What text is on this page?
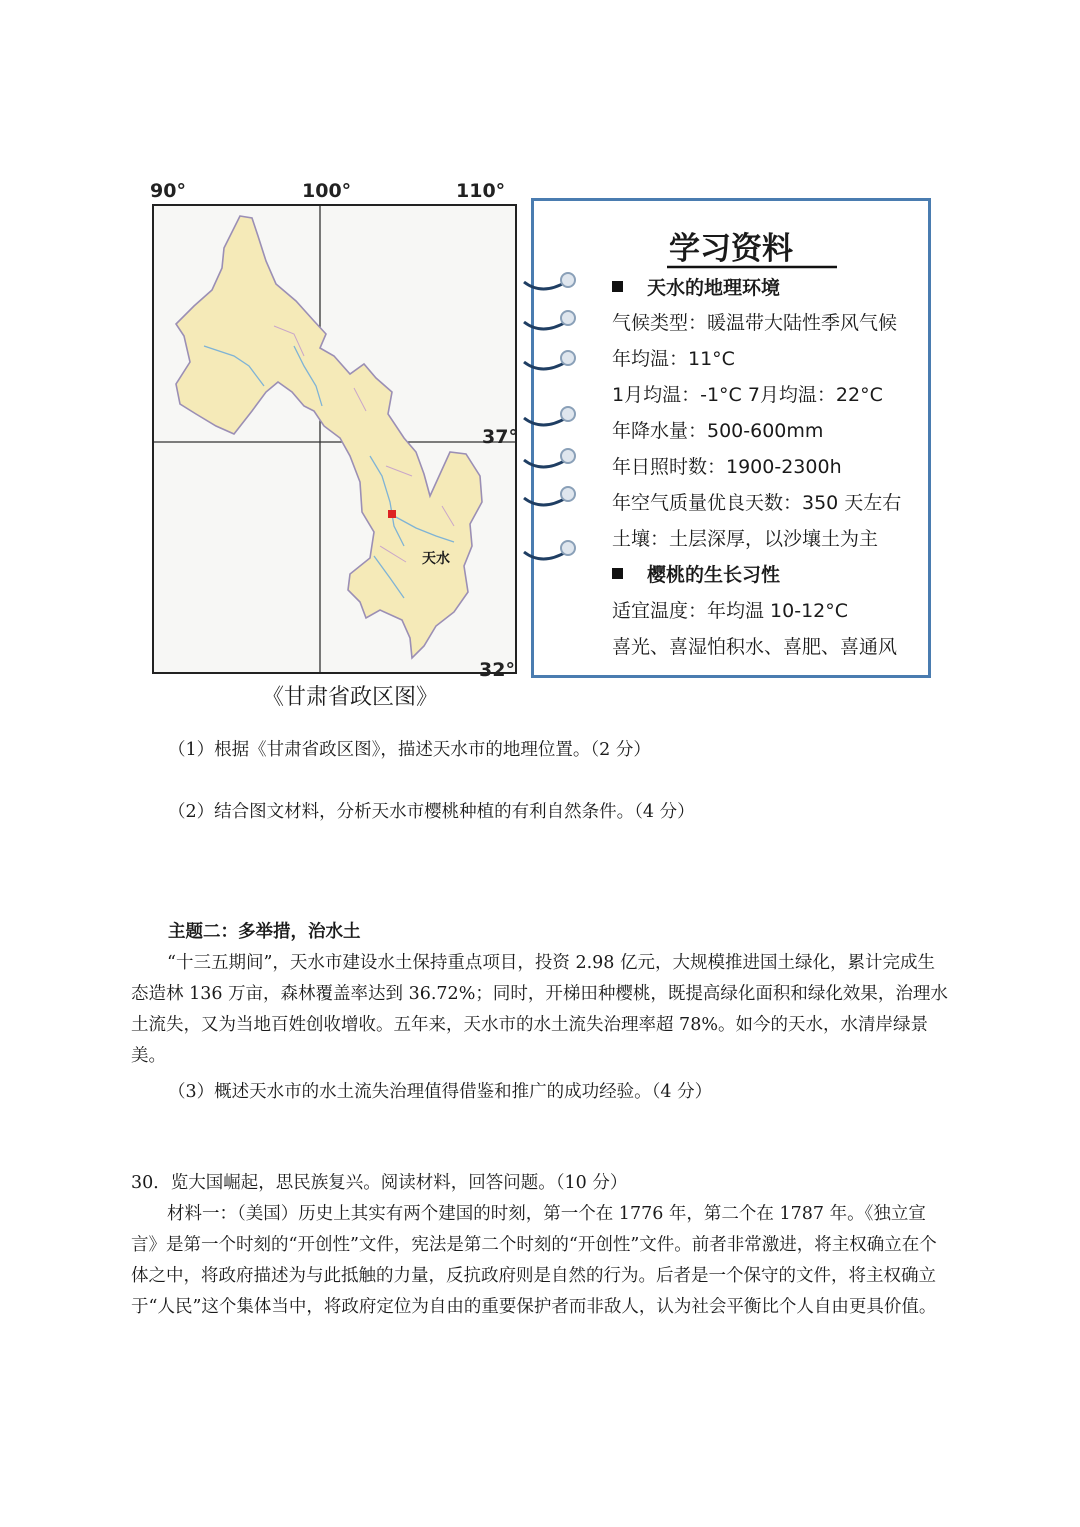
90°	100°	110°
天水
37°
32°
《甘肃省政区图》
学习资料
天水的地理环境
气候类型：暖温带大陆性季风气候
年均温：11°C
1月均温：-1°C 7月均温：22°C
年降水量：500-600mm
年日照时数：1900-2300h
年空气质量优良天数：350 天左右
土壤：土层深厚，以沙壤土为主
樱桃的生长习性
适宜温度：年均温 10-12°C
喜光、喜湿怕积水、喜肥、喜通风
（1）根据《甘肃省政区图》，描述天水市的地理位置。（2 分）
（2）结合图文材料，分析天水市樱桃种植的有利自然条件。（4 分）
主题二：多举措，治水土
“十三五期间”，天水市建设水土保持重点项目，投资 2.98 亿元，大规模推进国土绿化，累计完成生态造林 136 万亩，森林覆盖率达到 36.72%；同时，开梯田种樱桃，既提高绿化面积和绿化效果，治理水土流失，又为当地百姓创收增收。五年来，天水市的水土流失治理率超 78%。如今的天水，水清岸绿景美。
（3）概述天水市的水土流失治理值得借鉴和推广的成功经验。（4 分）
30．览大国崛起，思民族复兴。阅读材料，回答问题。（10 分）
材料一：（美国）历史上其实有两个建国的时刻，第一个在 1776 年，第二个在 1787 年。《独立宣言》是第一个时刻的“开创性”文件，宪法是第二个时刻的“开创性”文件。前者非常激进，将主权确立在个体之中，将政府描述为与此抵触的力量，反抗政府则是自然的行为。后者是一个保守的文件，将主权确立于“人民”这个集体当中，将政府定位为自由的重要保护者而非敌人，认为社会平衡比个人自由更具价值。
